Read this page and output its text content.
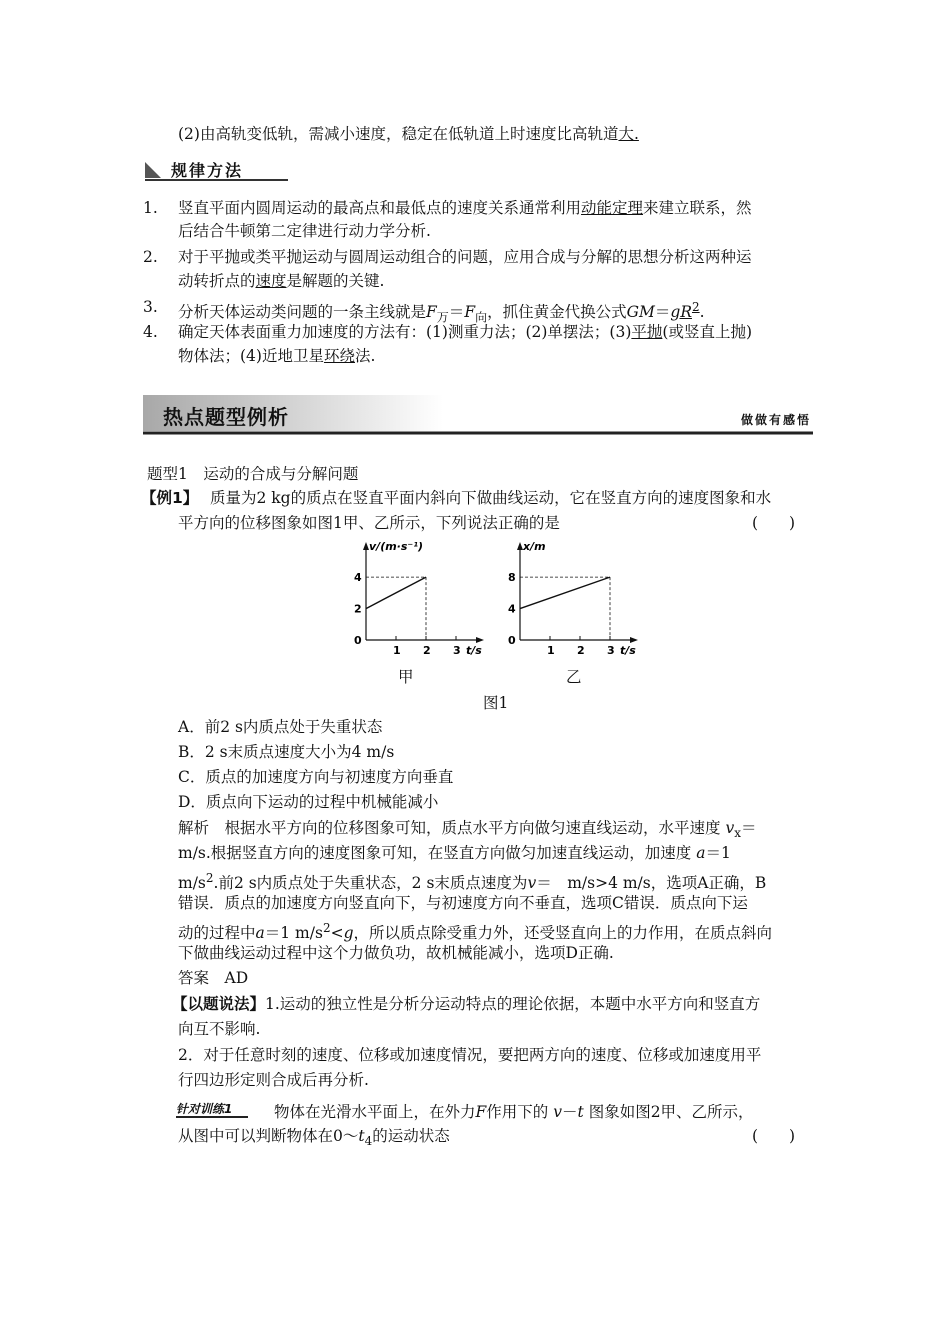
(2)由高轨变低轨，需减小速度，稳定在低轨道上时速度比高轨道大.
规律方法
1. 竖直平面内圆周运动的最高点和最低点的速度关系通常利用动能定理来建立联系，然
后结合牛顿第二定律进行动力学分析.
2. 对于平抛或类平抛运动与圆周运动组合的问题，应用合成与分解的思想分析这两种运
动转折点的速度是解题的关键.
3. 分析天体运动类问题的一条主线就是$F_万=F_向$，抓住黄金代换公式$GM=gR^2$.
4. 确定天体表面重力加速度的方法有：(1)测重力法；(2)单摆法；(3)平抛(或竖直上抛)
物体法；(4)近地卫星环绕法.
热点题型例析	做做有感悟
题型1　运动的合成与分解问题
【例1】 质量为2 kg的质点在竖直平面内斜向下做曲线运动，它在竖直方向的速度图象和水
平方向的位移图象如图1甲、乙所示，下列说法正确的是	(　　)
v/(m·s⁻¹)
t/s
0
1 2 3
2
4
x/m
t/s
0
1 2 3
4
8
甲	乙
图1
A．前2 s内质点处于失重状态
B．2 s末质点速度大小为4 m/s
C．质点的加速度方向与初速度方向垂直
D．质点向下运动的过程中机械能减小
解析　根据水平方向的位移图象可知，质点水平方向做匀速直线运动，水平速度 $v_x=$
m/s.根据竖直方向的速度图象可知，在竖直方向做匀加速直线运动，加速度 a＝1
$m/s^2$.前2 s内质点处于失重状态，2 s末质点速度为v＝　m/s>4 m/s，选项A正确，B
错误．质点的加速度方向竖直向下，与初速度方向不垂直，选项C错误．质点向下运
动的过程中a＝1 $m/s^2<g$，所以质点除受重力外，还受竖直向上的力作用，在质点斜向
下做曲线运动过程中这个力做负功，故机械能减小，选项D正确.
答案　AD
【以题说法】1.运动的独立性是分析分运动特点的理论依据，本题中水平方向和竖直方
向互不影响.
2．对于任意时刻的速度、位移或加速度情况，要把两方向的速度、位移或加速度用平
行四边形定则合成后再分析.
针对训练1	物体在光滑水平面上，在外力F作用下的 v－t 图象如图2甲、乙所示，
从图中可以判断物体在$0\sim t_4$的运动状态	(　　)
